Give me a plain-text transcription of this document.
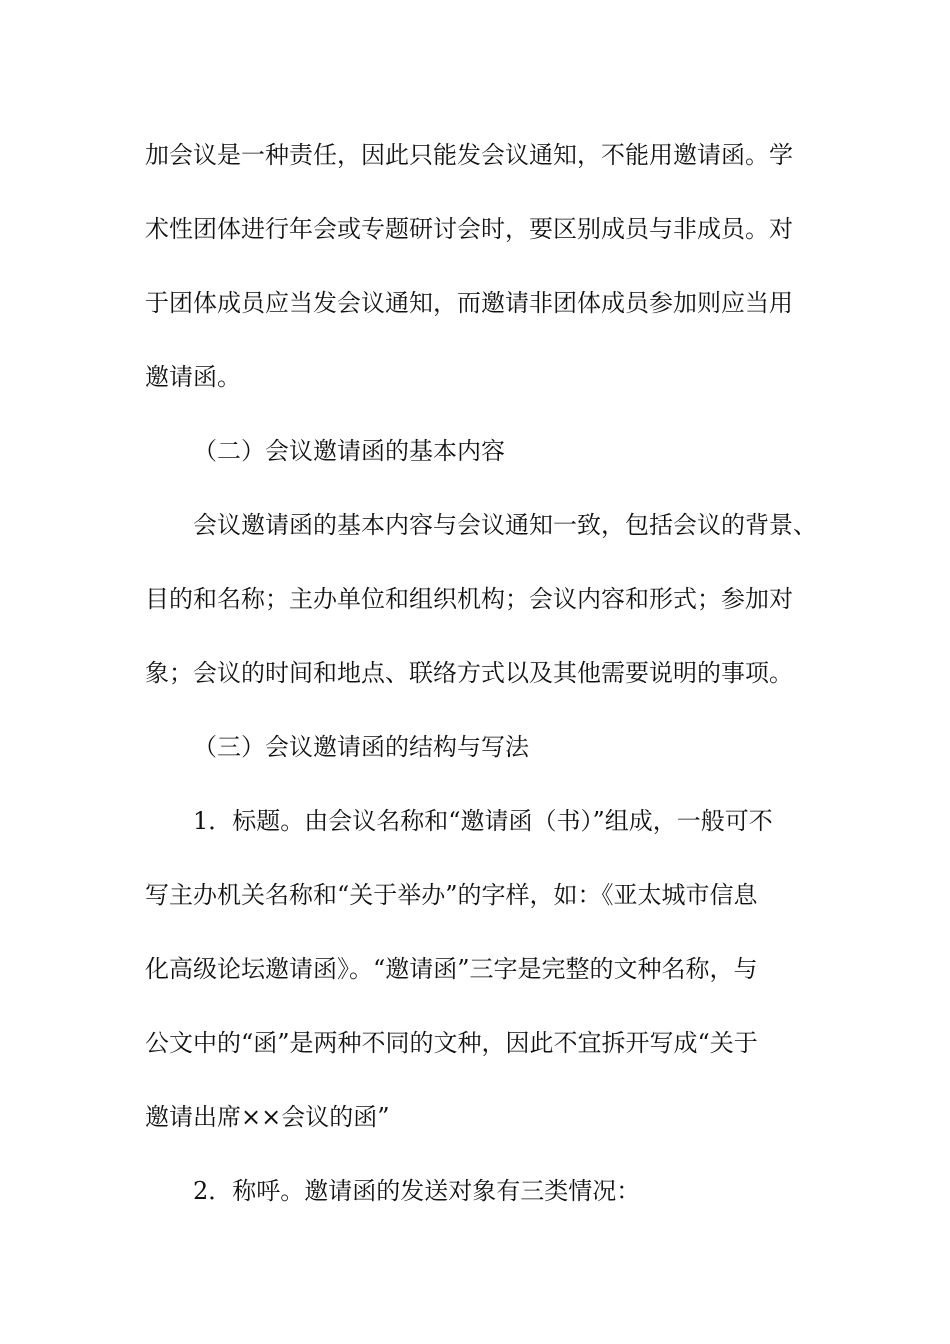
加会议是一种责任，因此只能发会议通知，不能用邀请函。学
术性团体进行年会或专题研讨会时，要区别成员与非成员。对
于团体成员应当发会议通知，而邀请非团体成员参加则应当用
邀请函。
（二）会议邀请函的基本内容
会议邀请函的基本内容与会议通知一致，包括会议的背景、
目的和名称；主办单位和组织机构；会议内容和形式；参加对
象；会议的时间和地点、联络方式以及其他需要说明的事项。
（三）会议邀请函的结构与写法
1．标题。由会议名称和“邀请函（书）”组成，一般可不
写主办机关名称和“关于举办”的字样，如：《亚太城市信息
化高级论坛邀请函》。“邀请函”三字是完整的文种名称，与
公文中的“函”是两种不同的文种，因此不宜拆开写成“关于
邀请出席××会议的函”
2．称呼。邀请函的发送对象有三类情况：
